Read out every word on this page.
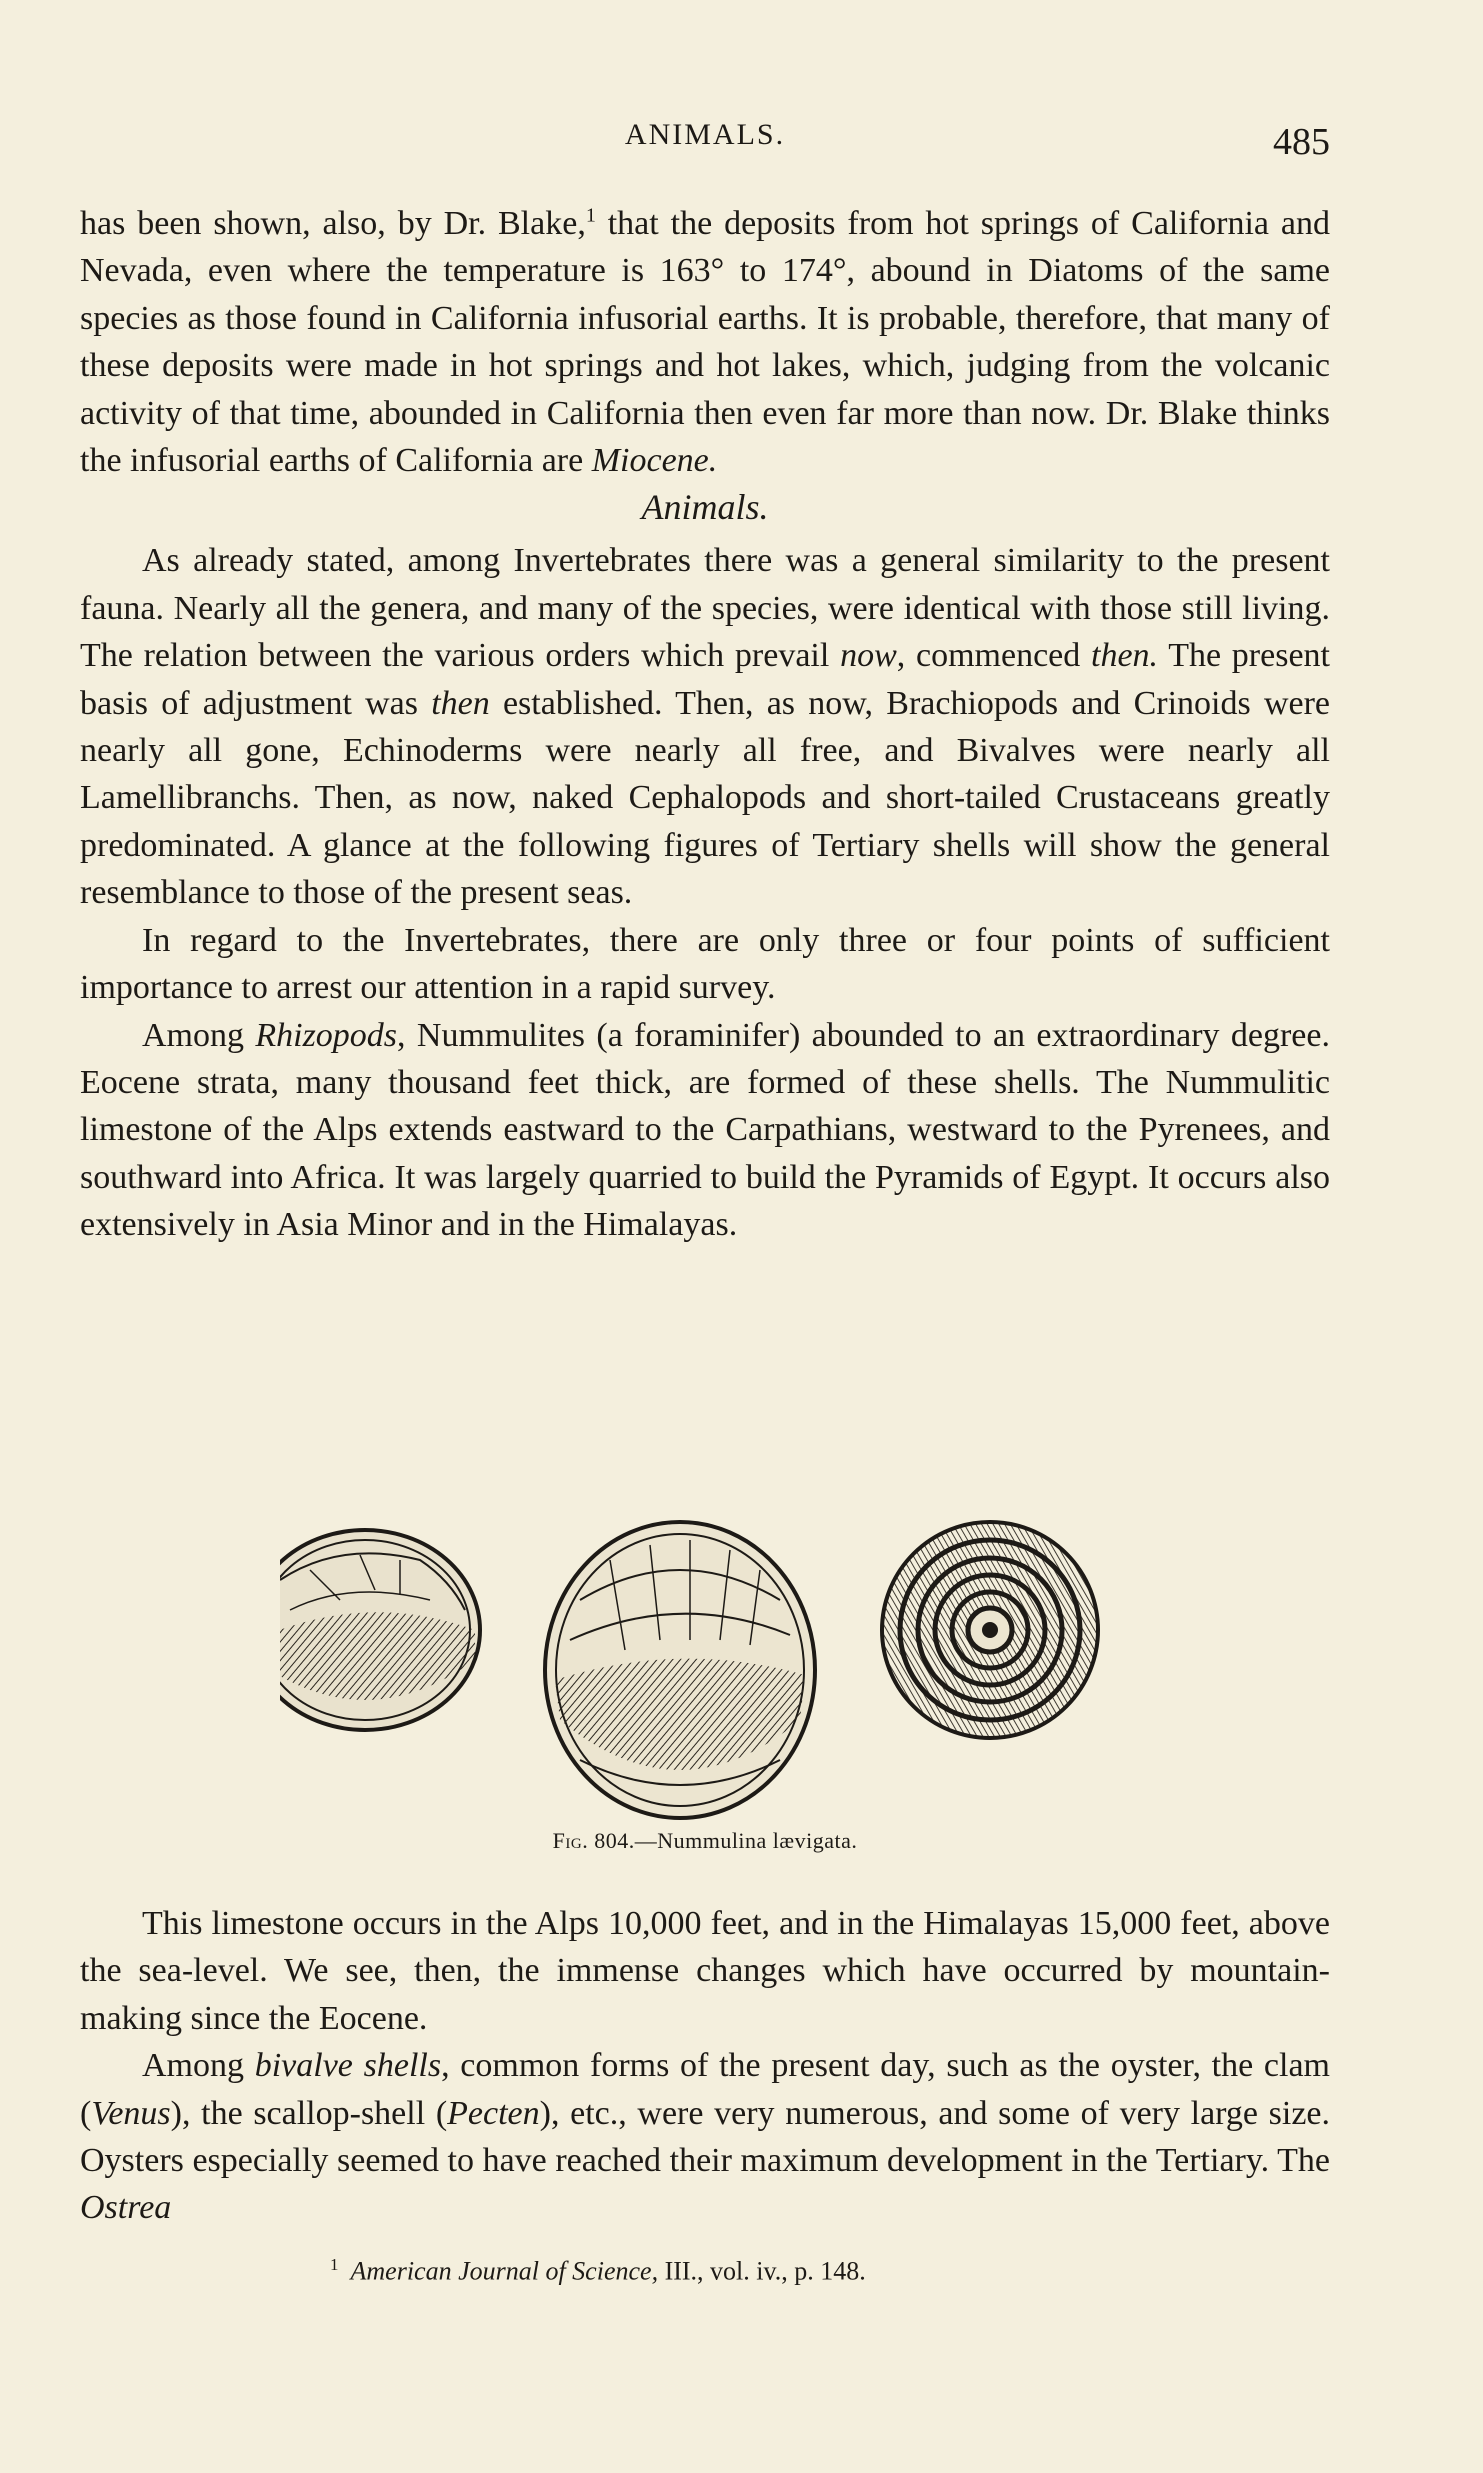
ANIMALS.	485

has been shown, also, by Dr. Blake,$^1$ that the deposits from hot springs of California and Nevada, even where the temperature is 163° to 174°, abound in Diatoms of the same species as those found in California infusorial earths. It is probable, therefore, that many of these deposits were made in hot springs and hot lakes, which, judging from the volcanic activity of that time, abounded in California then even far more than now. Dr. Blake thinks the infusorial earths of California are Miocene.

Animals.

As already stated, among Invertebrates there was a general similarity to the present fauna. Nearly all the genera, and many of the species, were identical with those still living. The relation between the various orders which prevail now, commenced then. The present basis of adjustment was then established. Then, as now, Brachiopods and Crinoids were nearly all gone, Echinoderms were nearly all free, and Bivalves were nearly all Lamellibranchs. Then, as now, naked Cephalopods and short-tailed Crustaceans greatly predominated. A glance at the following figures of Tertiary shells will show the general resemblance to those of the present seas.

In regard to the Invertebrates, there are only three or four points of sufficient importance to arrest our attention in a rapid survey.

Among Rhizopods, Nummulites (a foraminifer) abounded to an extraordinary degree. Eocene strata, many thousand feet thick, are formed of these shells. The Nummulitic limestone of the Alps extends eastward to the Carpathians, westward to the Pyrenees, and southward into Africa. It was largely quarried to build the Pyramids of Egypt. It occurs also extensively in Asia Minor and in the Himalayas.

Fig. 804.—Nummulina lævigata.

This limestone occurs in the Alps 10,000 feet, and in the Himalayas 15,000 feet, above the sea-level. We see, then, the immense changes which have occurred by mountain-making since the Eocene.

Among bivalve shells, common forms of the present day, such as the oyster, the clam (Venus), the scallop-shell (Pecten), etc., were very numerous, and some of very large size. Oysters especially seemed to have reached their maximum development in the Tertiary. The Ostrea

$^1$ American Journal of Science, III., vol. iv., p. 148.
